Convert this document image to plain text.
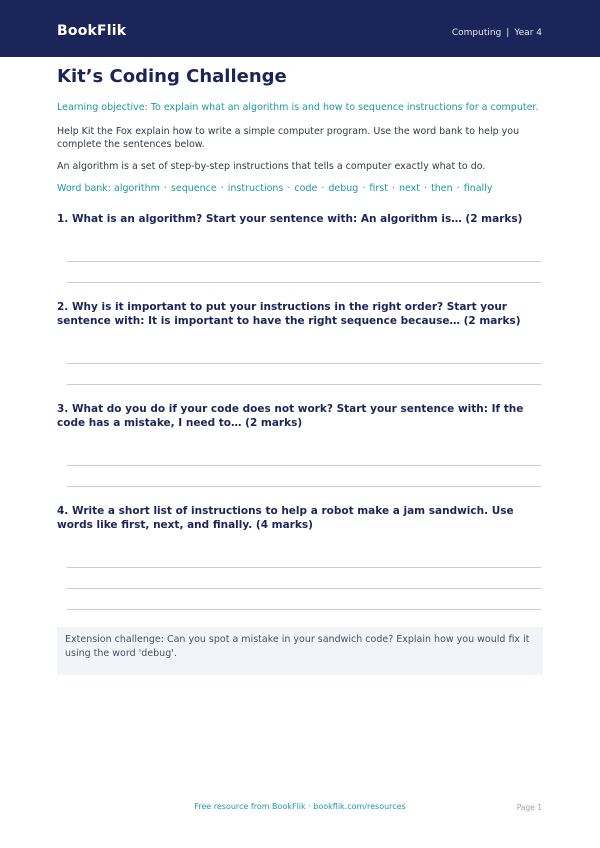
BookFlik	Computing | Year 4
Kit’s Coding Challenge
Learning objective: To explain what an algorithm is and how to sequence instructions for a computer.
Help Kit the Fox explain how to write a simple computer program. Use the word bank to help you complete the sentences below.
An algorithm is a set of step-by-step instructions that tells a computer exactly what to do.
Word bank: algorithm · sequence · instructions · code · debug · first · next · then · finally
1. What is an algorithm? Start your sentence with: An algorithm is… (2 marks)
2. Why is it important to put your instructions in the right order? Start your sentence with: It is important to have the right sequence because… (2 marks)
3. What do you do if your code does not work? Start your sentence with: If the code has a mistake, I need to… (2 marks)
4. Write a short list of instructions to help a robot make a jam sandwich. Use words like first, next, and finally. (4 marks)
Extension challenge: Can you spot a mistake in your sandwich code? Explain how you would fix it using the word 'debug'.
Free resource from BookFlik · bookflik.com/resources	Page 1
